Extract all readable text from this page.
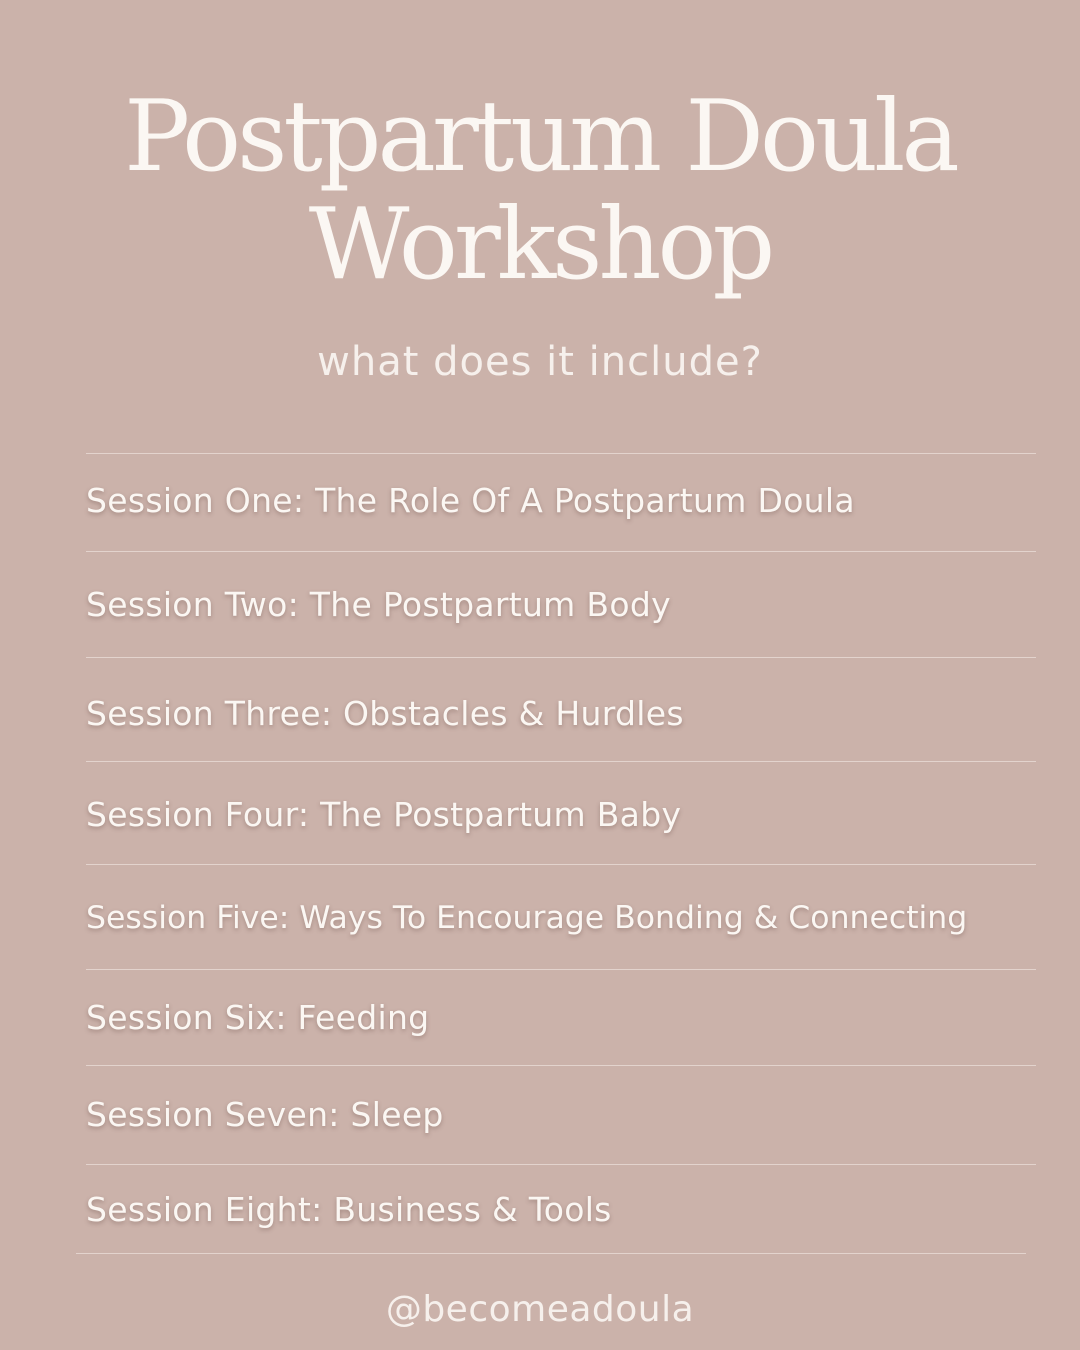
Postpartum Doula
Workshop
what does it include?
Session One: The Role Of A Postpartum Doula
Session Two: The Postpartum Body
Session Three: Obstacles & Hurdles
Session Four: The Postpartum Baby
Session Five: Ways To Encourage Bonding & Connecting
Session Six: Feeding
Session Seven: Sleep
Session Eight: Business & Tools
@becomeadoula
